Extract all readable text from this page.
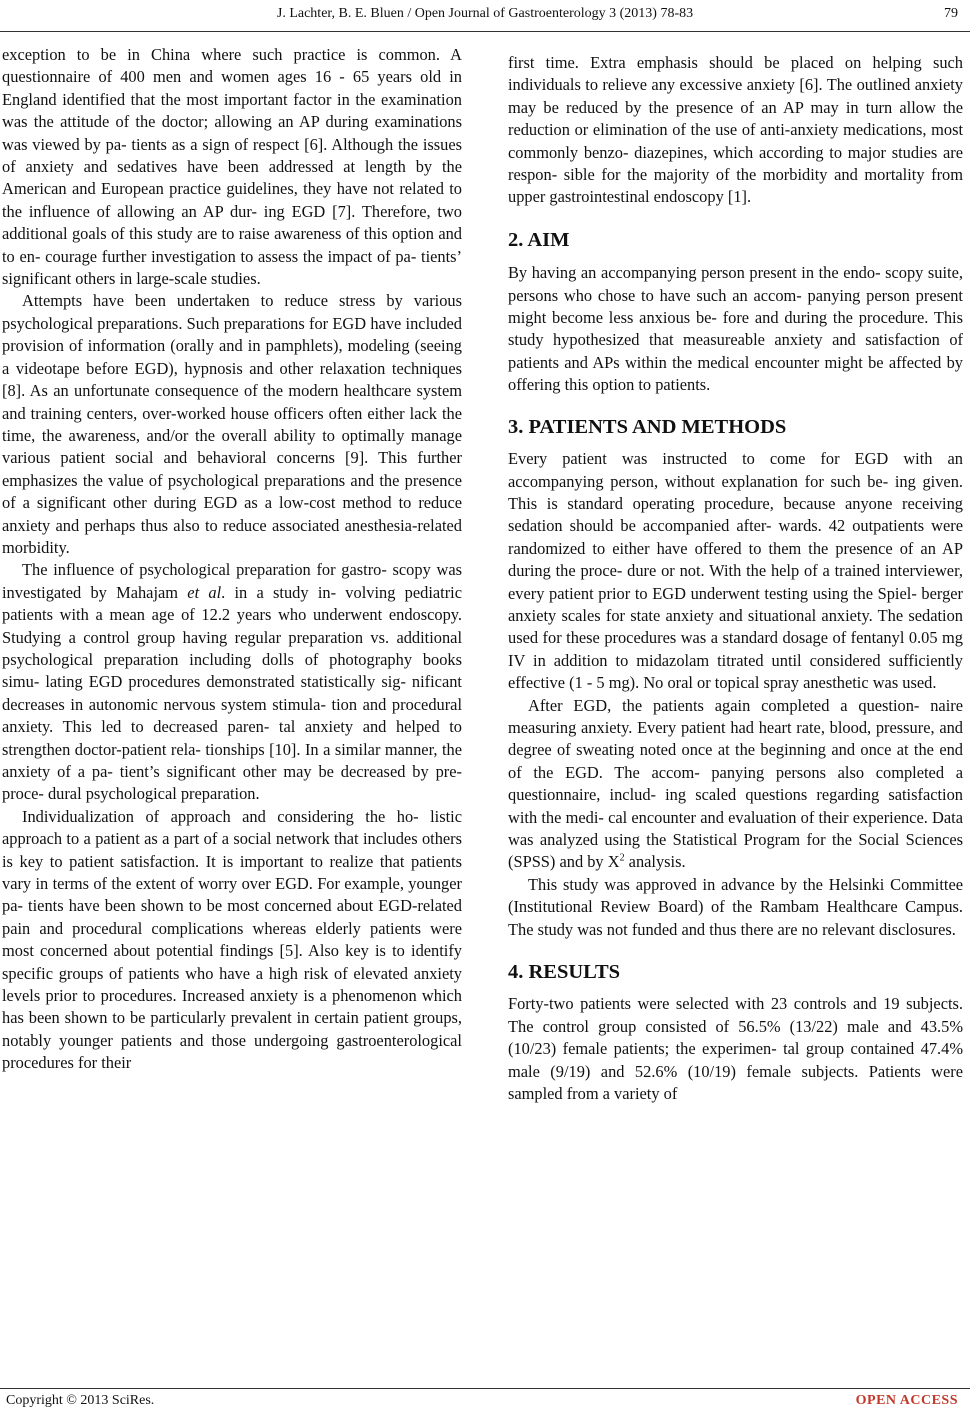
J. Lachter, B. E. Bluen / Open Journal of Gastroenterology 3 (2013) 78-83	79

exception to be in China where such practice is common. A questionnaire of 400 men and women ages 16 - 65 years old in England identified that the most important factor in the examination was the attitude of the doctor; allowing an AP during examinations was viewed by pa- tients as a sign of respect [6]. Although the issues of anxiety and sedatives have been addressed at length by the American and European practice guidelines, they have not related to the influence of allowing an AP dur- ing EGD [7]. Therefore, two additional goals of this study are to raise awareness of this option and to en- courage further investigation to assess the impact of pa- tients’ significant others in large-scale studies.

Attempts have been undertaken to reduce stress by various psychological preparations. Such preparations for EGD have included provision of information (orally and in pamphlets), modeling (seeing a videotape before EGD), hypnosis and other relaxation techniques [8]. As an unfortunate consequence of the modern healthcare system and training centers, over-worked house officers often either lack the time, the awareness, and/or the overall ability to optimally manage various patient social and behavioral concerns [9]. This further emphasizes the value of psychological preparations and the presence of a significant other during EGD as a low-cost method to reduce anxiety and perhaps thus also to reduce associated anesthesia-related morbidity.

The influence of psychological preparation for gastro- scopy was investigated by Mahajam et al. in a study in- volving pediatric patients with a mean age of 12.2 years who underwent endoscopy. Studying a control group having regular preparation vs. additional psychological preparation including dolls of photography books simu- lating EGD procedures demonstrated statistically sig- nificant decreases in autonomic nervous system stimula- tion and procedural anxiety. This led to decreased paren- tal anxiety and helped to strengthen doctor-patient rela- tionships [10]. In a similar manner, the anxiety of a pa- tient’s significant other may be decreased by pre-proce- dural psychological preparation.

Individualization of approach and considering the ho- listic approach to a patient as a part of a social network that includes others is key to patient satisfaction. It is important to realize that patients vary in terms of the extent of worry over EGD. For example, younger pa- tients have been shown to be most concerned about EGD-related pain and procedural complications whereas elderly patients were most concerned about potential findings [5]. Also key is to identify specific groups of patients who have a high risk of elevated anxiety levels prior to procedures. Increased anxiety is a phenomenon which has been shown to be particularly prevalent in certain patient groups, notably younger patients and those undergoing gastroenterological procedures for their

first time. Extra emphasis should be placed on helping such individuals to relieve any excessive anxiety [6]. The outlined anxiety may be reduced by the presence of an AP may in turn allow the reduction or elimination of the use of anti-anxiety medications, most commonly benzo- diazepines, which according to major studies are respon- sible for the majority of the morbidity and mortality from upper gastrointestinal endoscopy [1].

2. AIM

By having an accompanying person present in the endo- scopy suite, persons who chose to have such an accom- panying person present might become less anxious be- fore and during the procedure. This study hypothesized that measureable anxiety and satisfaction of patients and APs within the medical encounter might be affected by offering this option to patients.

3. PATIENTS AND METHODS

Every patient was instructed to come for EGD with an accompanying person, without explanation for such be- ing given. This is standard operating procedure, because anyone receiving sedation should be accompanied after- wards. 42 outpatients were randomized to either have offered to them the presence of an AP during the proce- dure or not. With the help of a trained interviewer, every patient prior to EGD underwent testing using the Spiel- berger anxiety scales for state anxiety and situational anxiety. The sedation used for these procedures was a standard dosage of fentanyl 0.05 mg IV in addition to midazolam titrated until considered sufficiently effective (1 - 5 mg). No oral or topical spray anesthetic was used.

After EGD, the patients again completed a question- naire measuring anxiety. Every patient had heart rate, blood, pressure, and degree of sweating noted once at the beginning and once at the end of the EGD. The accom- panying persons also completed a questionnaire, includ- ing scaled questions regarding satisfaction with the medi- cal encounter and evaluation of their experience. Data was analyzed using the Statistical Program for the Social Sciences (SPSS) and by $X^2$ analysis.

This study was approved in advance by the Helsinki Committee (Institutional Review Board) of the Rambam Healthcare Campus. The study was not funded and thus there are no relevant disclosures.

4. RESULTS

Forty-two patients were selected with 23 controls and 19 subjects. The control group consisted of 56.5% (13/22) male and 43.5% (10/23) female patients; the experimen- tal group contained 47.4% male (9/19) and 52.6% (10/19) female subjects. Patients were sampled from a variety of

Copyright © 2013 SciRes.	OPEN ACCESS
